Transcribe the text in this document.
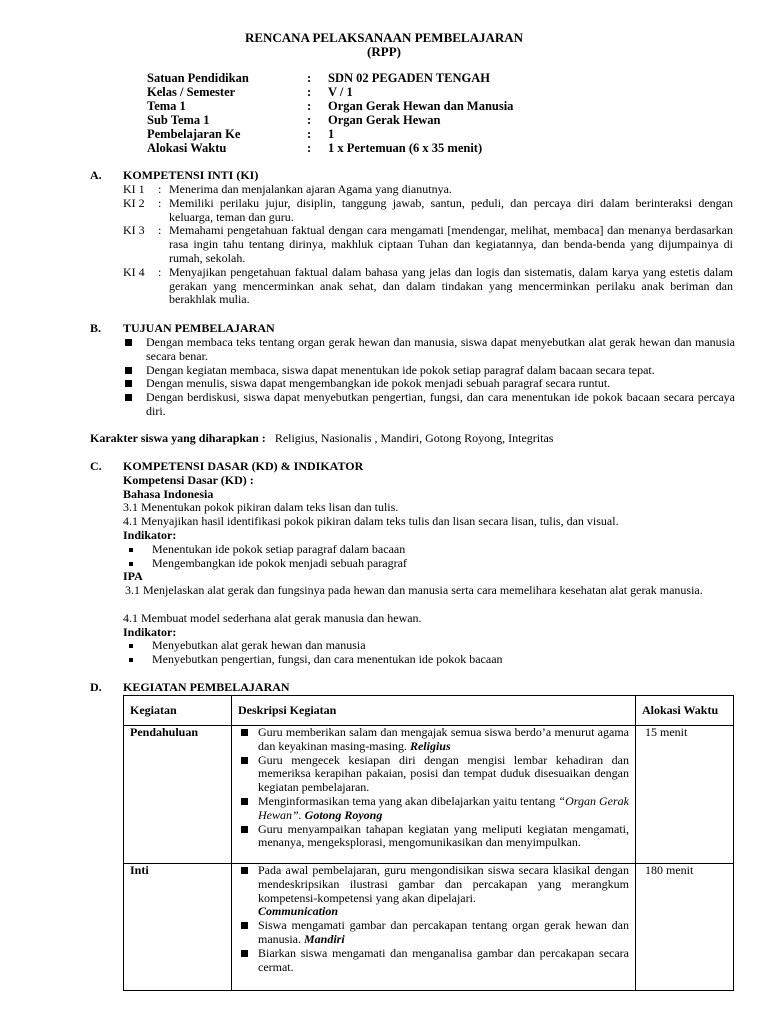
RENCANA PELAKSANAAN PEMBELAJARAN
(RPP)
Satuan Pendidikan	: SDN 02 PEGADEN TENGAH
Kelas / Semester	: V / 1
Tema 1	: Organ Gerak Hewan dan Manusia
Sub Tema 1	: Organ Gerak Hewan
Pembelajaran Ke	: 1
Alokasi Waktu	: 1 x Pertemuan (6 x 35 menit)
A. KOMPETENSI INTI (KI)
KI 1 : Menerima dan menjalankan ajaran Agama yang dianutnya.
KI 2 : Memiliki perilaku jujur, disiplin, tanggung jawab, santun, peduli, dan percaya diri dalam berinteraksi dengan keluarga, teman dan guru.
KI 3 : Memahami pengetahuan faktual dengan cara mengamati [mendengar, melihat, membaca] dan menanya berdasarkan rasa ingin tahu tentang dirinya, makhluk ciptaan Tuhan dan kegiatannya, dan benda-benda yang dijumpainya di rumah, sekolah.
KI 4 : Menyajikan pengetahuan faktual dalam bahasa yang jelas dan logis dan sistematis, dalam karya yang estetis dalam gerakan yang mencerminkan anak sehat, dan dalam tindakan yang mencerminkan perilaku anak beriman dan berakhlak mulia.
B. TUJUAN PEMBELAJARAN
Dengan membaca teks tentang organ gerak hewan dan manusia, siswa dapat menyebutkan alat gerak hewan dan manusia secara benar.
Dengan kegiatan membaca, siswa dapat menentukan ide pokok setiap paragraf dalam bacaan secara tepat.
Dengan menulis, siswa dapat mengembangkan ide pokok menjadi sebuah paragraf secara runtut.
Dengan berdiskusi, siswa dapat menyebutkan pengertian, fungsi, dan cara menentukan ide pokok bacaan secara percaya diri.
Karakter siswa yang diharapkan : Religius, Nasionalis , Mandiri, Gotong Royong, Integritas
C. KOMPETENSI DASAR (KD) & INDIKATOR
Kompetensi Dasar (KD) :
Bahasa Indonesia
3.1 Menentukan pokok pikiran dalam teks lisan dan tulis.
4.1 Menyajikan hasil identifikasi pokok pikiran dalam teks tulis dan lisan secara lisan, tulis, dan visual.
Indikator:
Menentukan ide pokok setiap paragraf dalam bacaan
Mengembangkan ide pokok menjadi sebuah paragraf
IPA
3.1 Menjelaskan alat gerak dan fungsinya pada hewan dan manusia serta cara memelihara kesehatan alat gerak manusia.
4.1 Membuat model sederhana alat gerak manusia dan hewan.
Indikator:
Menyebutkan alat gerak hewan dan manusia
Menyebutkan pengertian, fungsi, dan cara menentukan ide pokok bacaan
D. KEGIATAN PEMBELAJARAN
Kegiatan	Deskripsi Kegiatan	Alokasi Waktu
Pendahuluan	Guru memberikan salam dan mengajak semua siswa berdo’a menurut agama dan keyakinan masing-masing. Religius
Guru mengecek kesiapan diri dengan mengisi lembar kehadiran dan memeriksa kerapihan pakaian, posisi dan tempat duduk disesuaikan dengan kegiatan pembelajaran.
Menginformasikan tema yang akan dibelajarkan yaitu tentang “Organ Gerak Hewan”. Gotong Royong
Guru menyampaikan tahapan kegiatan yang meliputi kegiatan mengamati, menanya, mengeksplorasi, mengomunikasikan dan menyimpulkan.	15 menit
Inti	Pada awal pembelajaran, guru mengondisikan siswa secara klasikal dengan mendeskripsikan ilustrasi gambar dan percakapan yang merangkum kompetensi-kompetensi yang akan dipelajari.
Communication
Siswa mengamati gambar dan percakapan tentang organ gerak hewan dan manusia. Mandiri
Biarkan siswa mengamati dan menganalisa gambar dan percakapan secara cermat.	180 menit
